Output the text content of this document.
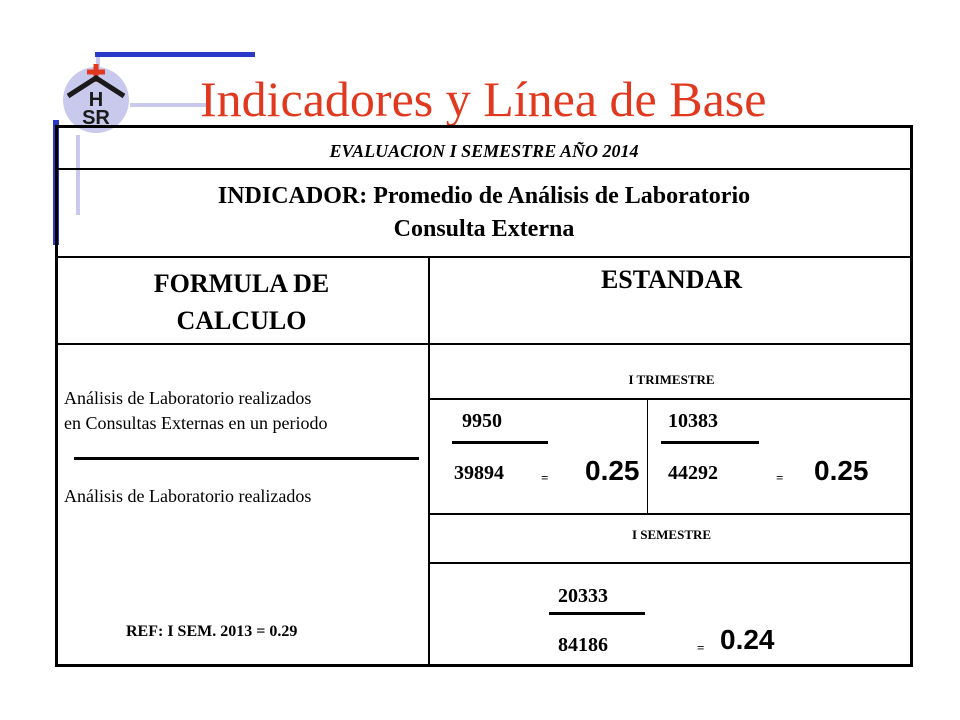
H
SR Indicadores y Línea de Base
EVALUACION I SEMESTRE AÑO 2014
INDICADOR: Promedio de Análisis de Laboratorio
Consulta Externa
FORMULA DE
CALCULO
ESTANDAR
Análisis de Laboratorio realizados
en Consultas Externas en un periodo
Análisis de Laboratorio realizados
REF: I SEM. 2013 = 0.29
I TRIMESTRE
9950
39894	= 0.25
10383
44292	= 0.25
I SEMESTRE
20333
84186	= 0.24
